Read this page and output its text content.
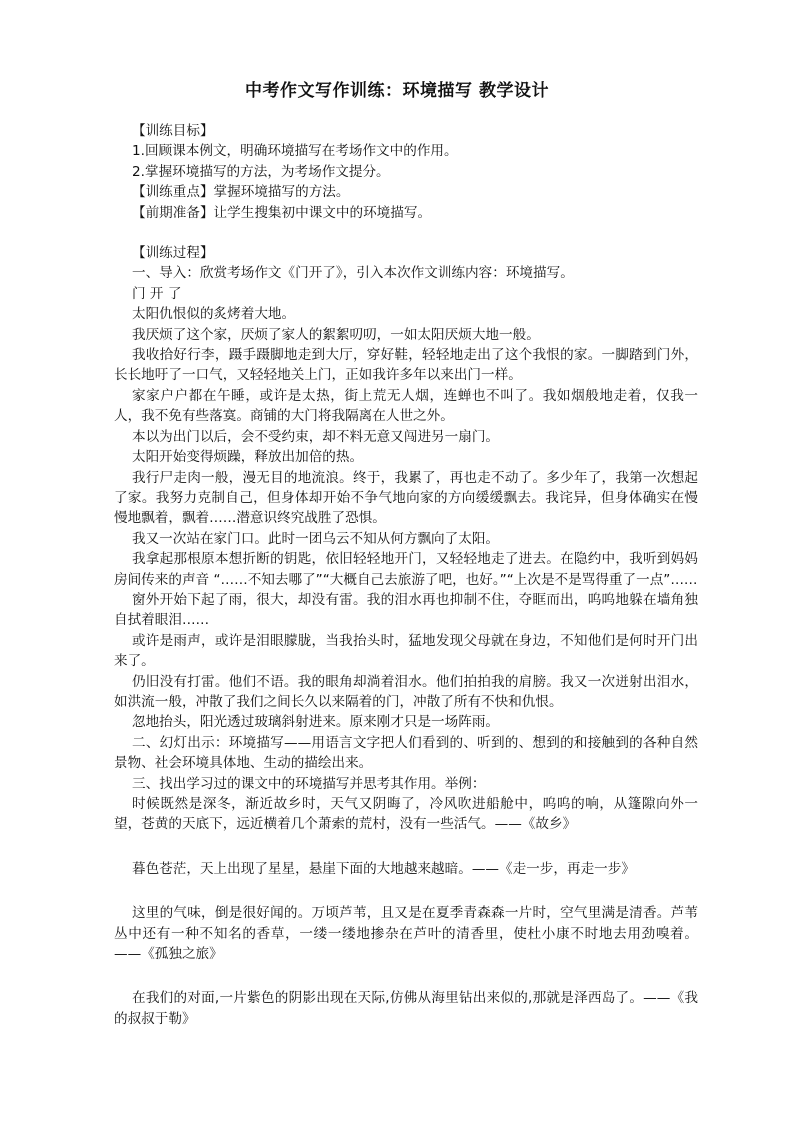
中考作文写作训练：环境描写 教学设计

【训练目标】

1.回顾课本例文，明确环境描写在考场作文中的作用。

2.掌握环境描写的方法，为考场作文提分。

【训练重点】掌握环境描写的方法。

【前期准备】让学生搜集初中课文中的环境描写。

【训练过程】

一、导入：欣赏考场作文《门开了》，引入本次作文训练内容：环境描写。

门 开 了

太阳仇恨似的炙烤着大地。

我厌烦了这个家，厌烦了家人的絮絮叨叨，一如太阳厌烦大地一般。

我收拾好行李，蹑手蹑脚地走到大厅，穿好鞋，轻轻地走出了这个我恨的家。一脚踏到门外，长长地吁了一口气，又轻轻地关上门，正如我许多年以来出门一样。

家家户户都在午睡，或许是太热，街上荒无人烟，连蝉也不叫了。我如烟般地走着，仅我一人，我不免有些落寞。商铺的大门将我隔离在人世之外。

本以为出门以后，会不受约束，却不料无意又闯进另一扇门。

太阳开始变得烦躁，释放出加倍的热。

我行尸走肉一般，漫无目的地流浪。终于，我累了，再也走不动了。多少年了，我第一次想起了家。我努力克制自己，但身体却开始不争气地向家的方向缓缓飘去。我诧异，但身体确实在慢慢地飘着，飘着……潜意识终究战胜了恐惧。

我又一次站在家门口。此时一团乌云不知从何方飘向了太阳。

我拿起那根原本想折断的钥匙，依旧轻轻地开门，又轻轻地走了进去。在隐约中，我听到妈妈房间传来的声音 “……不知去哪了”“大概自己去旅游了吧，也好。”“上次是不是骂得重了一点”……

窗外开始下起了雨，很大，却没有雷。我的泪水再也抑制不住，夺眶而出，呜呜地躲在墙角独自拭着眼泪……

或许是雨声，或许是泪眼朦胧，当我抬头时，猛地发现父母就在身边，不知他们是何时开门出来了。

仍旧没有打雷。他们不语。我的眼角却淌着泪水。他们拍拍我的肩膀。我又一次迸射出泪水，如洪流一般，冲散了我们之间长久以来隔着的门，冲散了所有不快和仇恨。

忽地抬头，阳光透过玻璃斜射进来。原来刚才只是一场阵雨。

二、幻灯出示：环境描写——用语言文字把人们看到的、听到的、想到的和接触到的各种自然景物、社会环境具体地、生动的描绘出来。

三、找出学习过的课文中的环境描写并思考其作用。举例：

时候既然是深冬，渐近故乡时，天气又阴晦了，冷风吹进船舱中，呜呜的响，从篷隙向外一望，苍黄的天底下，远近横着几个萧索的荒村，没有一些活气。——《故乡》

暮色苍茫，天上出现了星星，悬崖下面的大地越来越暗。——《走一步，再走一步》

这里的气味，倒是很好闻的。万顷芦苇，且又是在夏季青森森一片时，空气里满是清香。芦苇丛中还有一种不知名的香草，一缕一缕地掺杂在芦叶的清香里，使杜小康不时地去用劲嗅着。 ——《孤独之旅》

在我们的对面,一片紫色的阴影出现在天际,仿佛从海里钻出来似的,那就是泽西岛了。——《我的叔叔于勒》
